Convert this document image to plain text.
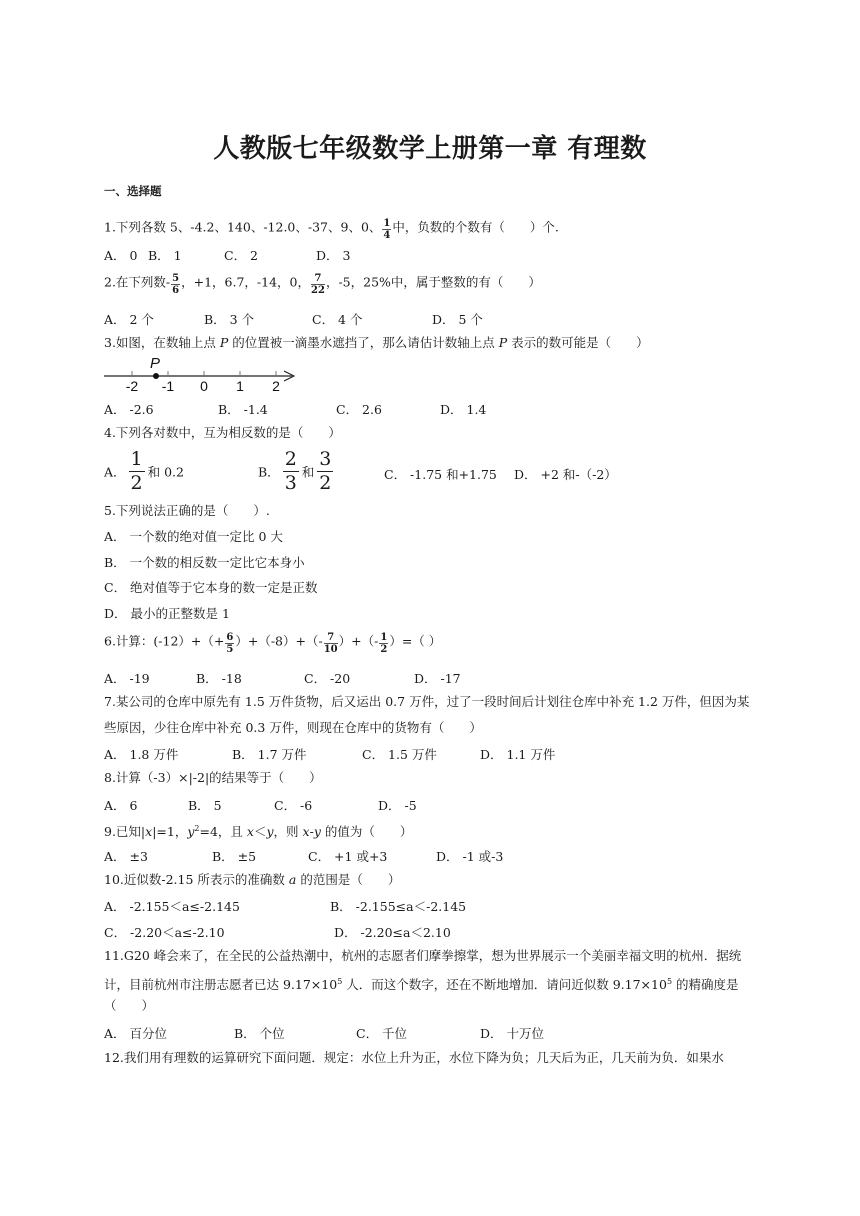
人教版七年级数学上册第一章 有理数
一、选择题
1.下列各数 5、-4.2、140、-12.0、-37、9、0、 $\frac{1}{4}$ 中，负数的个数有（　　）个.
A． 0 B． 1	C． 2	D． 3
2.在下列数- $\frac{5}{6}$ ，+1，6.7，-14，0， $\frac{7}{22}$ ，-5，25%中，属于整数的有（　　）
A． 2 个	B． 3 个	C． 4 个	D． 5 个
3.如图，在数轴上点 P 的位置被一滴墨水遮挡了，那么请估计数轴上点 P 表示的数可能是（　　）
P
-2 -1 0 1 2
A． -2.6	B． -1.4	C． 2.6	D． 1.4
4.下列各对数中，互为相反数的是（　　）
A． $\frac{1}{2}$ 和 0.2	B． $\frac{2}{3}$ 和 $\frac{3}{2}$	C． -1.75 和+1.75 D． +2 和-（-2）
5.下列说法正确的是（　　）.
A． 一个数的绝对值一定比 0 大
B． 一个数的相反数一定比它本身小
C． 绝对值等于它本身的数一定是正数
D． 最小的正整数是 1
6.计算：$(-12)+(+ \frac{6}{5} )+(-8)+(- \frac{7}{10}$ ）+（- $\frac{1}{2}$ ）=（ ）
A． -19	B． -18	C． -20	D． -17
7.某公司的仓库中原先有 1.5 万件货物，后又运出 0.7 万件，过了一段时间后计划往仓库中补充 1.2 万件，但因为某
些原因，少往仓库中补充 0.3 万件，则现在仓库中的货物有（　　）
A． 1.8 万件	B． 1.7 万件	C． 1.5 万件	D． 1.1 万件
8.计算（-3）×|-2|的结果等于（　　）
A． 6	B． 5	C． -6	D． -5
9.已知|x|=1，$y^2=4$，且 x＜y，则 x-y 的值为（　　）
A． ±3	B． ±5	C． +1 或+3	D． -1 或-3
10.近似数-2.15 所表示的准确数 a 的范围是（　　）
A． -2.155＜a≤-2.145	B． -2.155≤a＜-2.145
C． -2.20＜a≤-2.10	D． -2.20≤a＜2.10
11.G20 峰会来了，在全民的公益热潮中，杭州的志愿者们摩拳擦掌，想为世界展示一个美丽幸福文明的杭州．据统
计，目前杭州市注册志愿者已达 $9.17\times 10^5$ 人．而这个数字，还在不断地增加．请问近似数 $9.17\times 10^5$ 的精确度是
（　　）
A． 百分位	B． 个位	C． 千位	D． 十万位
12.我们用有理数的运算研究下面问题．规定：水位上升为正，水位下降为负；几天后为正，几天前为负．如果水
